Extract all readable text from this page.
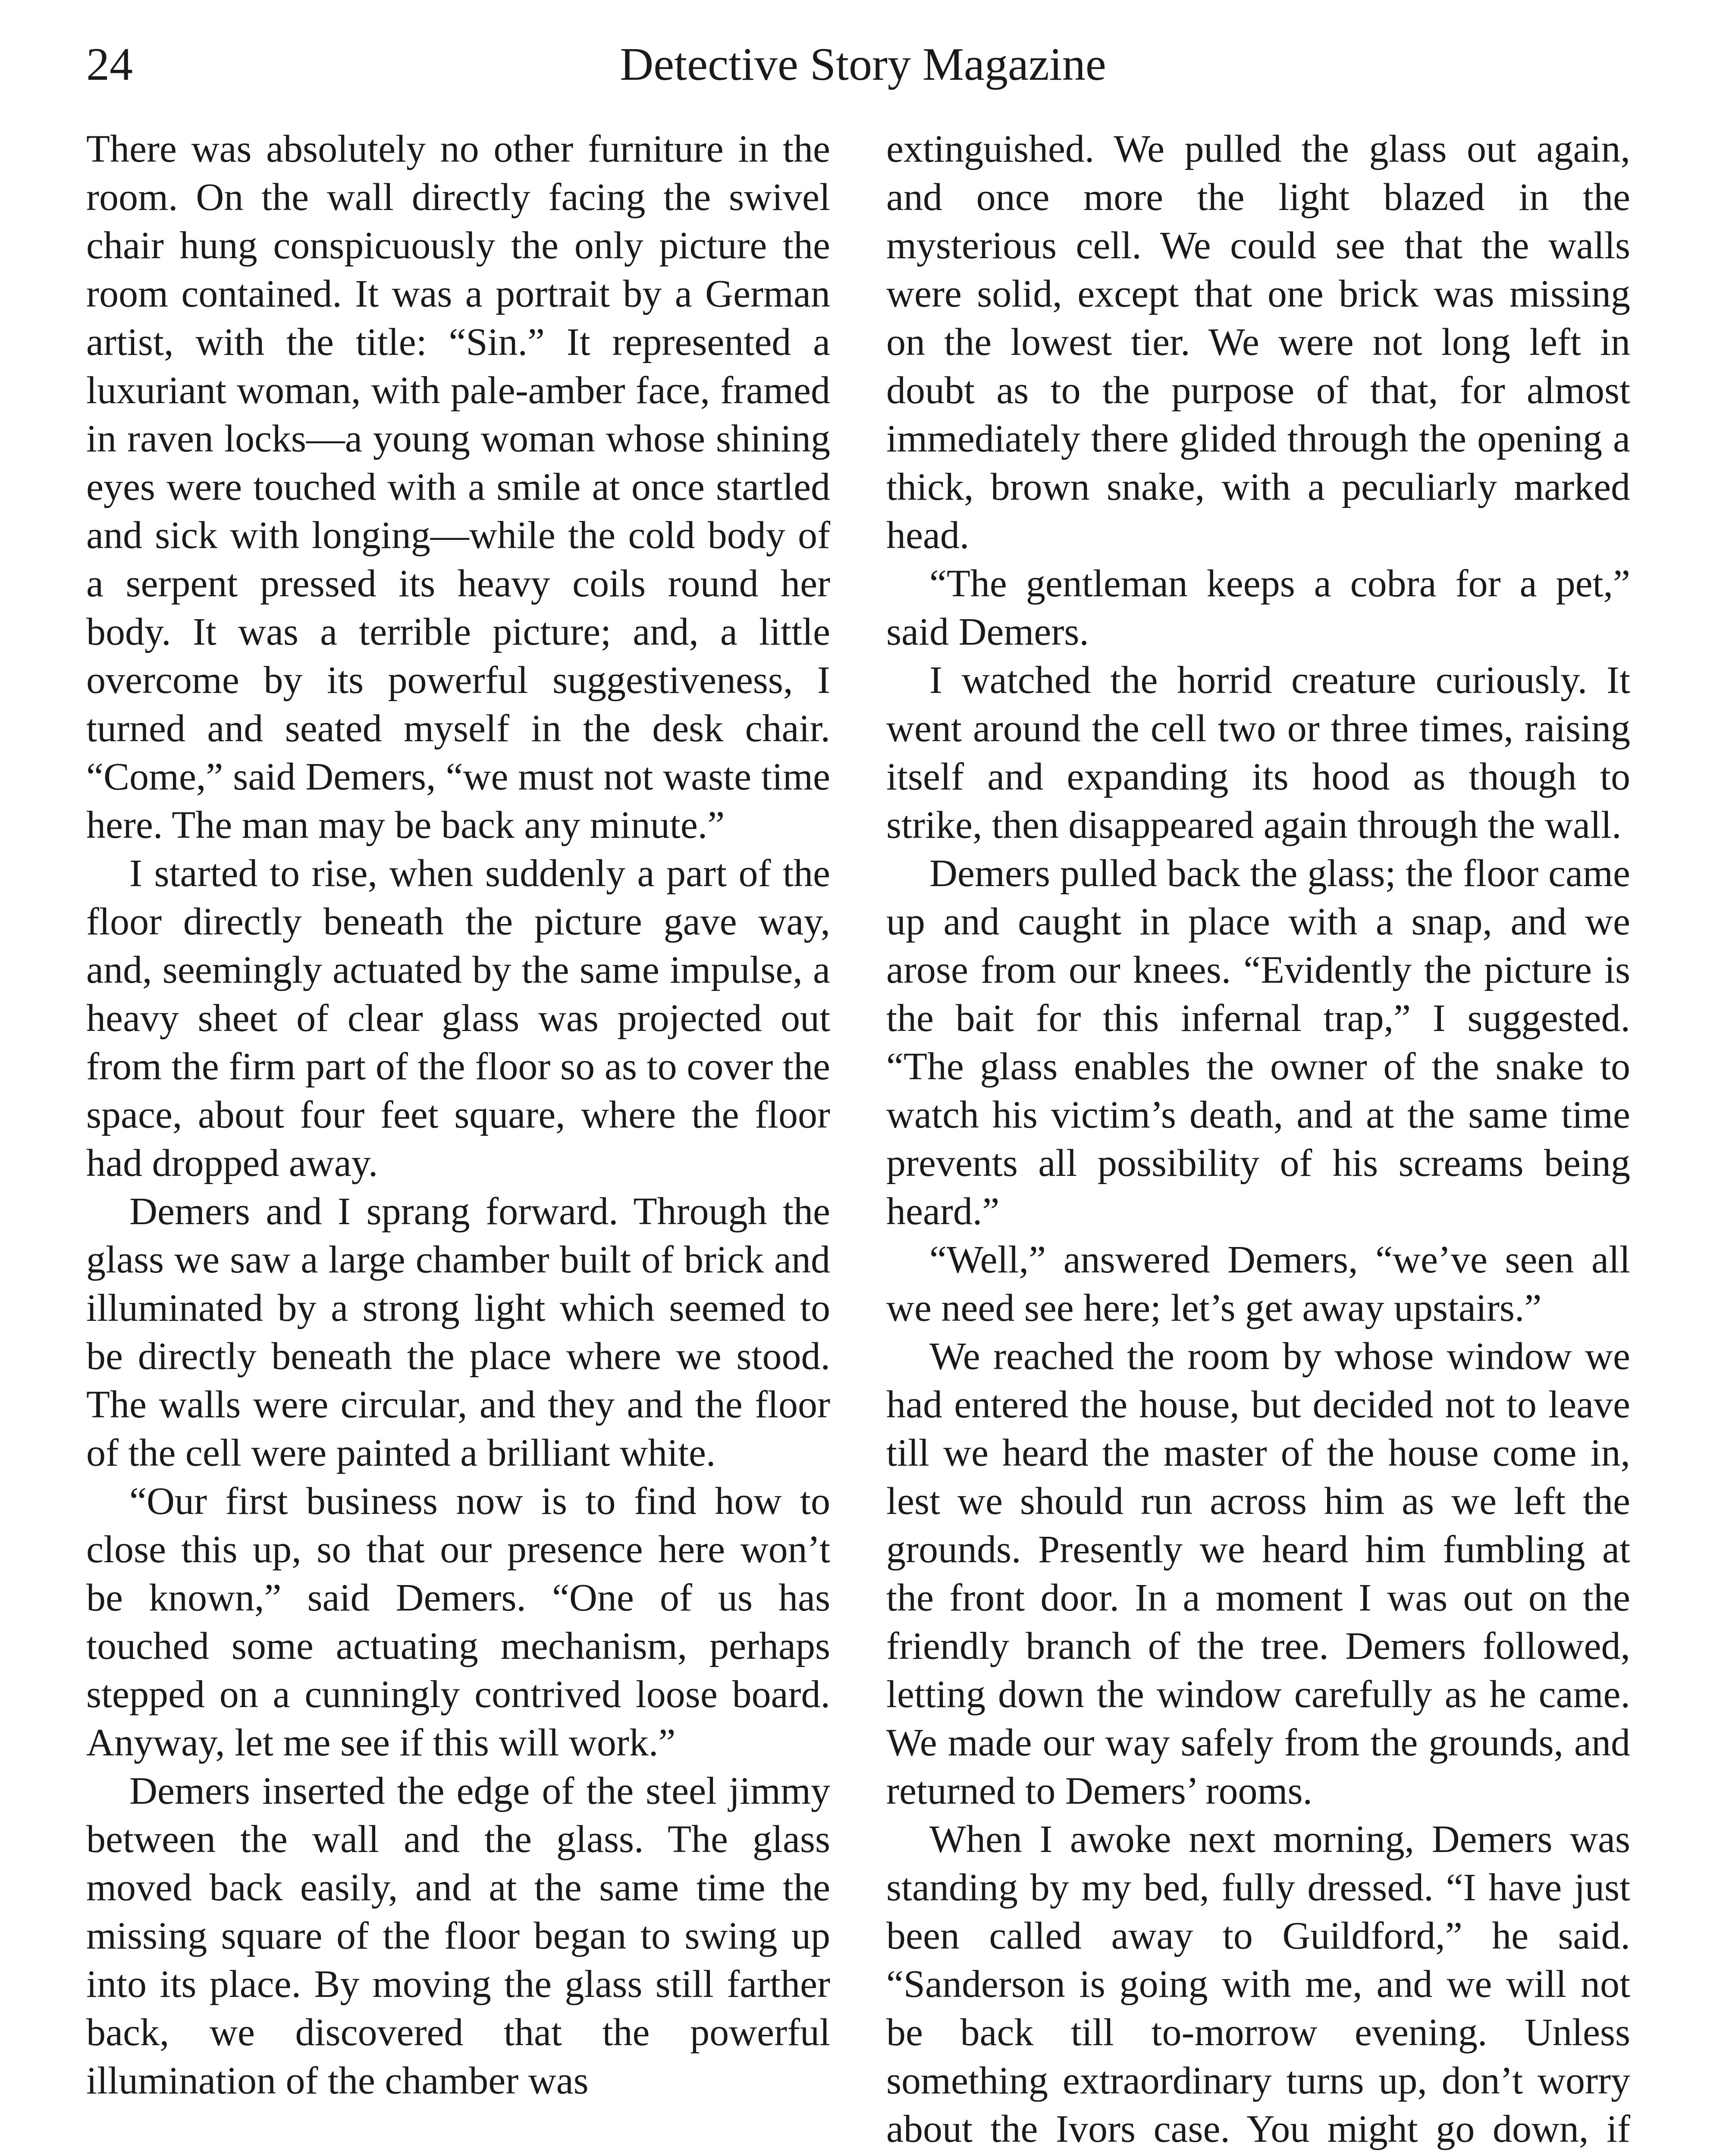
Detective Story Magazine
24

There was absolutely no other furniture in the room. On the wall directly facing the swivel chair hung conspicuously the only picture the room contained. It was a portrait by a German artist, with the title: “Sin.” It represented a luxuriant woman, with pale-amber face, framed in raven locks—a young woman whose shining eyes were touched with a smile at once startled and sick with longing—while the cold body of a serpent pressed its heavy coils round her body. It was a terrible picture; and, a little overcome by its powerful suggestiveness, I turned and seated myself in the desk chair. “Come,” said Demers, “we must not waste time here. The man may be back any minute.”

I started to rise, when suddenly a part of the floor directly beneath the picture gave way, and, seemingly actuated by the same impulse, a heavy sheet of clear glass was projected out from the firm part of the floor so as to cover the space, about four feet square, where the floor had dropped away.

Demers and I sprang forward. Through the glass we saw a large chamber built of brick and illuminated by a strong light which seemed to be directly beneath the place where we stood. The walls were circular, and they and the floor of the cell were painted a brilliant white.

“Our first business now is to find how to close this up, so that our presence here won’t be known,” said Demers. “One of us has touched some actuating mechanism, perhaps stepped on a cunningly contrived loose board. Anyway, let me see if this will work.”

Demers inserted the edge of the steel jimmy between the wall and the glass. The glass moved back easily, and at the same time the missing square of the floor began to swing up into its place. By moving the glass still farther back, we discovered that the powerful illumination of the chamber was

extinguished. We pulled the glass out again, and once more the light blazed in the mysterious cell. We could see that the walls were solid, except that one brick was missing on the lowest tier. We were not long left in doubt as to the purpose of that, for almost immediately there glided through the opening a thick, brown snake, with a peculiarly marked head.

“The gentleman keeps a cobra for a pet,” said Demers.

I watched the horrid creature curiously. It went around the cell two or three times, raising itself and expanding its hood as though to strike, then disappeared again through the wall.

Demers pulled back the glass; the floor came up and caught in place with a snap, and we arose from our knees. “Evidently the picture is the bait for this infernal trap,” I suggested. “The glass enables the owner of the snake to watch his victim’s death, and at the same time prevents all possibility of his screams being heard.”

“Well,” answered Demers, “we’ve seen all we need see here; let’s get away upstairs.”

We reached the room by whose window we had entered the house, but decided not to leave till we heard the master of the house come in, lest we should run across him as we left the grounds. Presently we heard him fumbling at the front door. In a moment I was out on the friendly branch of the tree. Demers followed, letting down the window carefully as he came. We made our way safely from the grounds, and returned to Demers’ rooms.

When I awoke next morning, Demers was standing by my bed, fully dressed. “I have just been called away to Guildford,” he said. “Sanderson is going with me, and we will not be back till to-morrow evening. Unless something extraordinary turns up, don’t worry about the Ivors case. You might go down, if
